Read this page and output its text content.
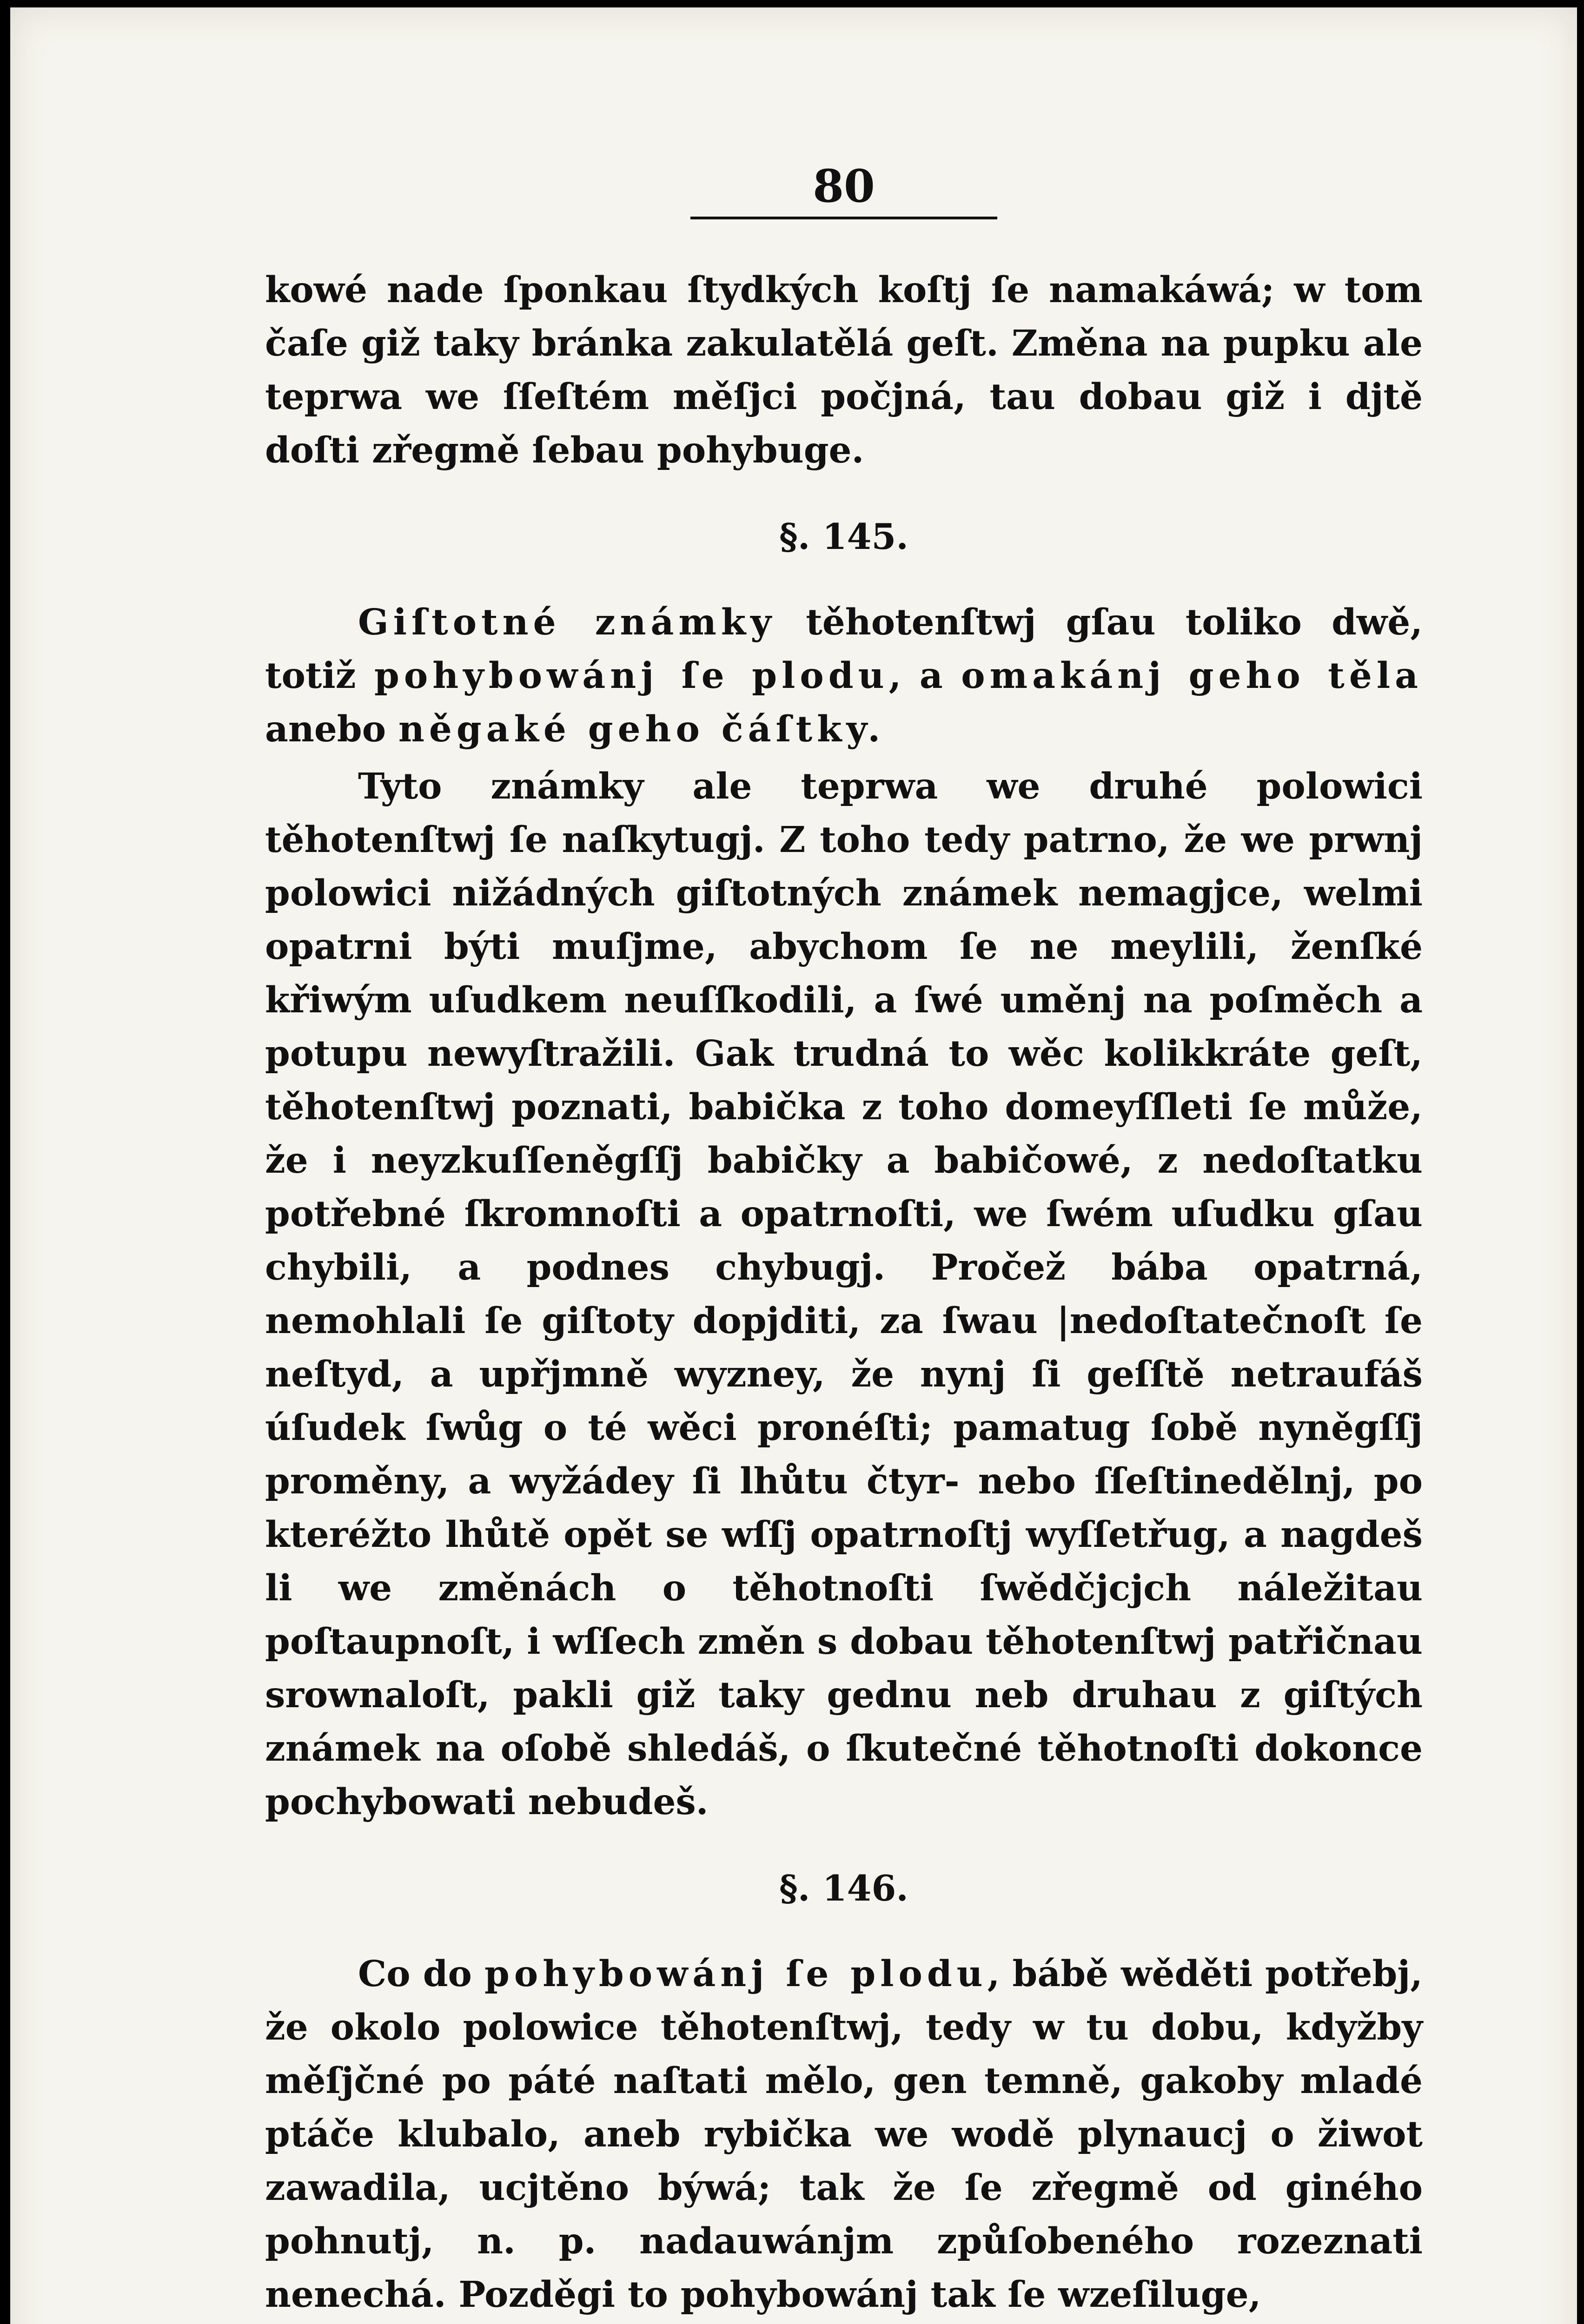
80

kowé nade ſponkau ſtydkých koſtj ſe namakáwá; w tom čaſe giž taky bránka zakulatělá geſt. Změna na pupku ale teprwa we ſſeſtém měſjci počjná, tau dobau giž i djtě doſti zřegmě ſebau pohybuge.

§. 145.

Giſtotné známky těhotenſtwj gſau toliko dwě, totiž pohybowánj ſe plodu, a omakánj geho těla anebo něgaké geho čáſtky.

Tyto známky ale teprwa we druhé polowici těhotenſtwj ſe naſkytugj. Z toho tedy patrno, že we prwnj polowici nižádných giſtotných známek nemagjce, welmi opatrni býti muſjme, abychom ſe ne meylili, ženſké křiwým uſudkem neuſſkodili, a ſwé uměnj na poſměch a potupu newyſtražili. Gak trudná to wěc kolikkráte geſt, těhotenſtwj poznati, babička z toho domeyſſleti ſe může, že i neyzkuſſeněgſſj babičky a babičowé, z nedoſtatku potřebné ſkromnoſti a opatrnoſti, we ſwém uſudku gſau chybili, a podnes chybugj. Pročež bába opatrná, nemohlali ſe giſtoty dopjditi, za ſwau |nedoſtatečnoſt ſe neſtyd, a upřjmně wyzney, že nynj ſi geſſtě netraufáš úſudek ſwůg o té wěci pronéſti; pamatug ſobě nyněgſſj proměny, a wyžádey ſi lhůtu čtyr- nebo ſſeſtinedělnj, po kteréžto lhůtě opět se wſſj opatrnoſtj wyſſetřug, a nagdeš li we změnách o těhotnoſti ſwědčjcjch náležitau poſtaupnoſt, i wſſech změn s dobau těhotenſtwj patřičnau srownaloſt, pakli giž taky gednu neb druhau z giſtých známek na oſobě shledáš, o ſkutečné těhotnoſti dokonce pochybowati nebudeš.

§. 146.

Co do pohybowánj ſe plodu, bábě wěděti potřebj, že okolo polowice těhotenſtwj, tedy w tu dobu, kdyžby měſjčné po páté naſtati mělo, gen temně, gakoby mladé ptáče klubalo, aneb rybička we wodě plynaucj o žiwot zawadila, ucjtěno býwá; tak že ſe zřegmě od giného pohnutj, n. p. nadauwánjm způſobeného rozeznati nenechá. Pozděgi to pohybowánj tak ſe wzeſiluge,
